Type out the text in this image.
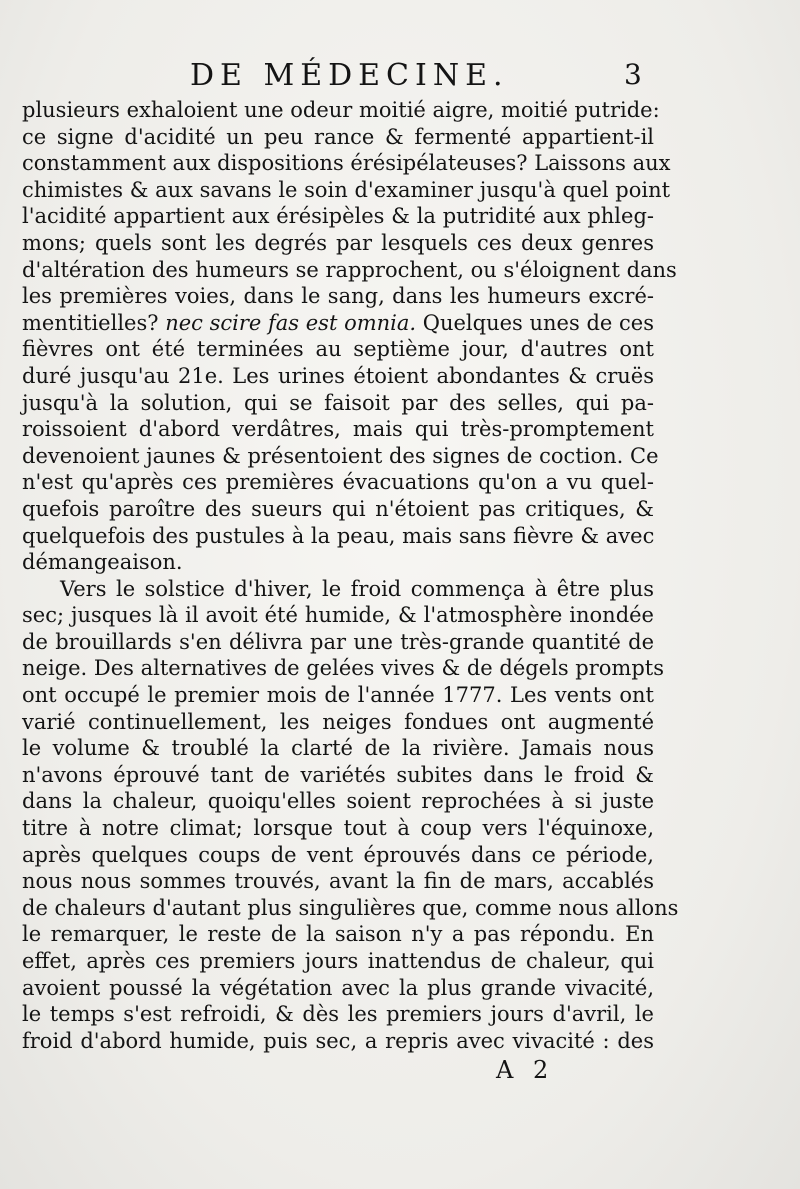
DE MÉDECINE.	3
plusieurs exhaloient une odeur moitié aigre, moitié putride:
ce signe d'acidité un peu rance & fermenté appartient-il
constamment aux dispositions érésipélateuses? Laissons aux
chimistes & aux savans le soin d'examiner jusqu'à quel point
l'acidité appartient aux érésipèles & la putridité aux phleg-
mons; quels sont les degrés par lesquels ces deux genres
d'altération des humeurs se rapprochent, ou s'éloignent dans
les premières voies, dans le sang, dans les humeurs excré-
mentitielles? nec scire fas est omnia. Quelques unes de ces
fièvres ont été terminées au septième jour, d'autres ont
duré jusqu'au 21e. Les urines étoient abondantes & cruës
jusqu'à la solution, qui se faisoit par des selles, qui pa-
roissoient d'abord verdâtres, mais qui très-promptement
devenoient jaunes & présentoient des signes de coction. Ce
n'est qu'après ces premières évacuations qu'on a vu quel-
quefois paroître des sueurs qui n'étoient pas critiques, &
quelquefois des pustules à la peau, mais sans fièvre & avec
démangeaison.
Vers le solstice d'hiver, le froid commença à être plus
sec; jusques là il avoit été humide, & l'atmosphère inondée
de brouillards s'en délivra par une très-grande quantité de
neige. Des alternatives de gelées vives & de dégels prompts
ont occupé le premier mois de l'année 1777. Les vents ont
varié continuellement, les neiges fondues ont augmenté
le volume & troublé la clarté de la rivière. Jamais nous
n'avons éprouvé tant de variétés subites dans le froid &
dans la chaleur, quoiqu'elles soient reprochées à si juste
titre à notre climat; lorsque tout à coup vers l'équinoxe,
après quelques coups de vent éprouvés dans ce période,
nous nous sommes trouvés, avant la fin de mars, accablés
de chaleurs d'autant plus singulières que, comme nous allons
le remarquer, le reste de la saison n'y a pas répondu. En
effet, après ces premiers jours inattendus de chaleur, qui
avoient poussé la végétation avec la plus grande vivacité,
le temps s'est refroidi, & dès les premiers jours d'avril, le
froid d'abord humide, puis sec, a repris avec vivacité : des
A 2
